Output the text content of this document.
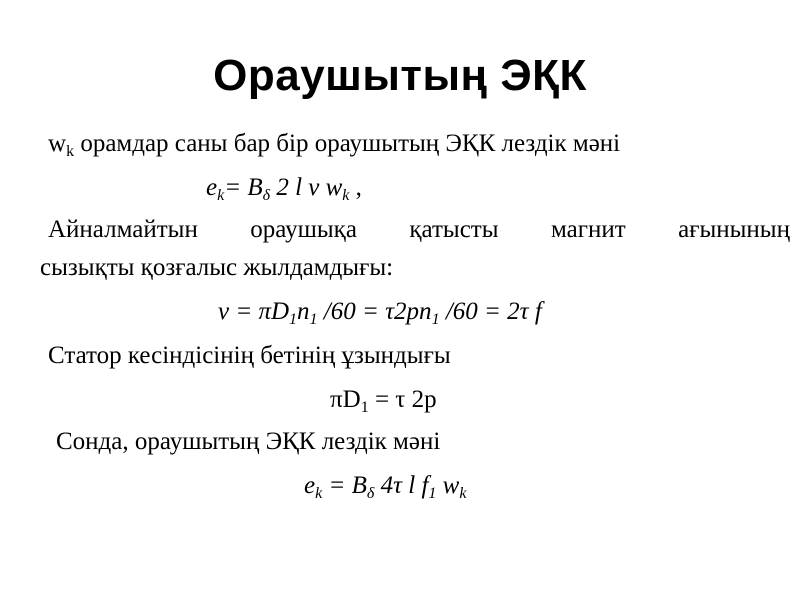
Ораушытың ЭҚК
$w_k$ орамдар саны бар бір ораушытың ЭҚК лездік мәні
$e_k= B_\delta$ 2 l v $w_k$ ,
Айналмайтын ораушықа қатысты магнит ағынының
сызықты қозғалыс жылдамдығы:
$v = \pi D_1n_1$ $/60 = \tau 2pn_1$ /60 = 2τ f
Статор кесіндісінің бетінің ұзындығы
$\pi D_1 = \tau$ 2p
Сонда, ораушытың ЭҚК лездік мәні
$e_k = B_\delta$ 4τ l $f_1$ $w_k$
